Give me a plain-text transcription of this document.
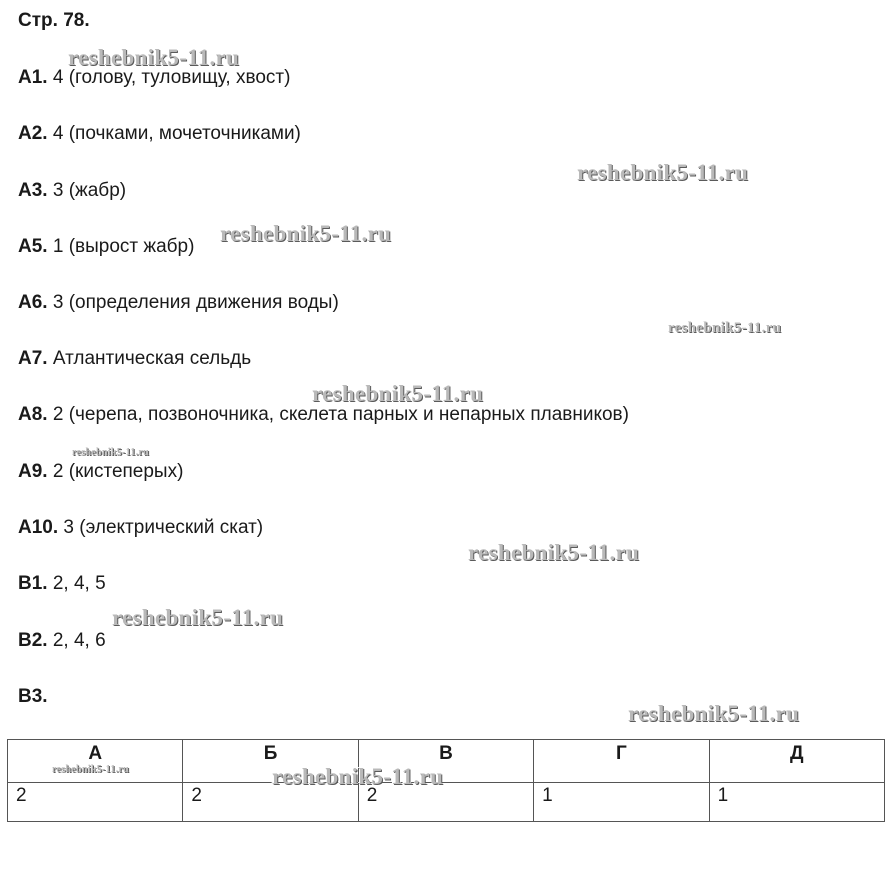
Стр. 78.
А1. 4 (голову, туловищу, хвост)
А2. 4 (почками, мочеточниками)
А3. 3 (жабр)
А5. 1 (вырост жабр)
А6. 3 (определения движения воды)
А7. Атлантическая сельдь
А8. 2 (черепа, позвоночника, скелета парных и непарных плавников)
А9. 2 (кистеперых)
А10. 3 (электрический скат)
В1. 2, 4, 5
В2. 2, 4, 6
В3.
А	Б	В	Г	Д
2	2	2	1	1
reshebnik5-11.ru
reshebnik5-11.ru
reshebnik5-11.ru
reshebnik5-11.ru
reshebnik5-11.ru
reshebnik5-11.ru
reshebnik5-11.ru
reshebnik5-11.ru
reshebnik5-11.ru
reshebnik5-11.ru	reshebnik5-11.ru
